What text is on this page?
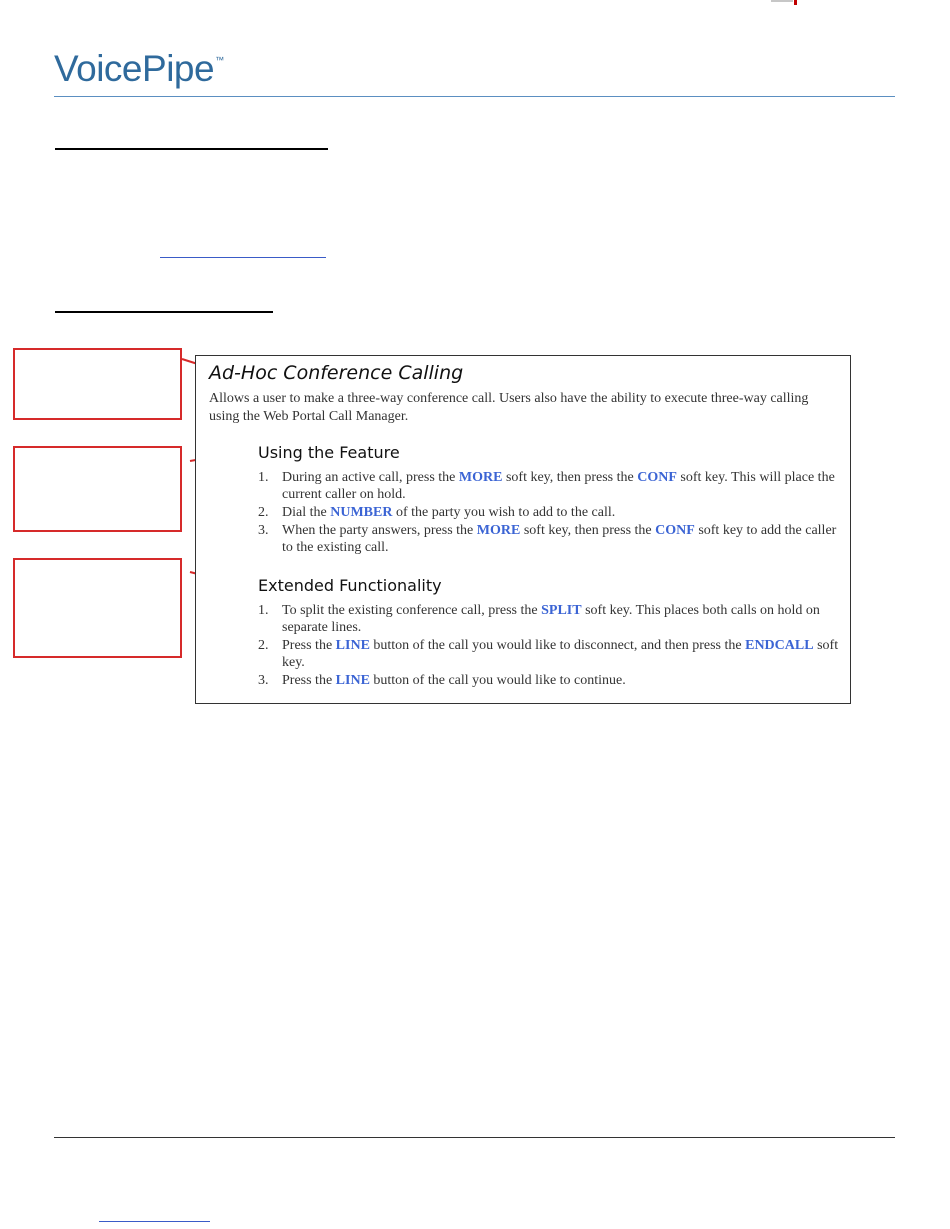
VoicePipe™
Ad-Hoc Conference Calling
Allows a user to make a three-way conference call. Users also have the ability to execute three-way calling using the Web Portal Call Manager.
Using the Feature
1. During an active call, press the MORE soft key, then press the CONF soft key. This will place the current caller on hold.
2. Dial the NUMBER of the party you wish to add to the call.
3. When the party answers, press the MORE soft key, then press the CONF soft key to add the caller to the existing call.
Extended Functionality
1. To split the existing conference call, press the SPLIT soft key. This places both calls on hold on separate lines.
2. Press the LINE button of the call you would like to disconnect, and then press the ENDCALL soft key.
3. Press the LINE button of the call you would like to continue.
